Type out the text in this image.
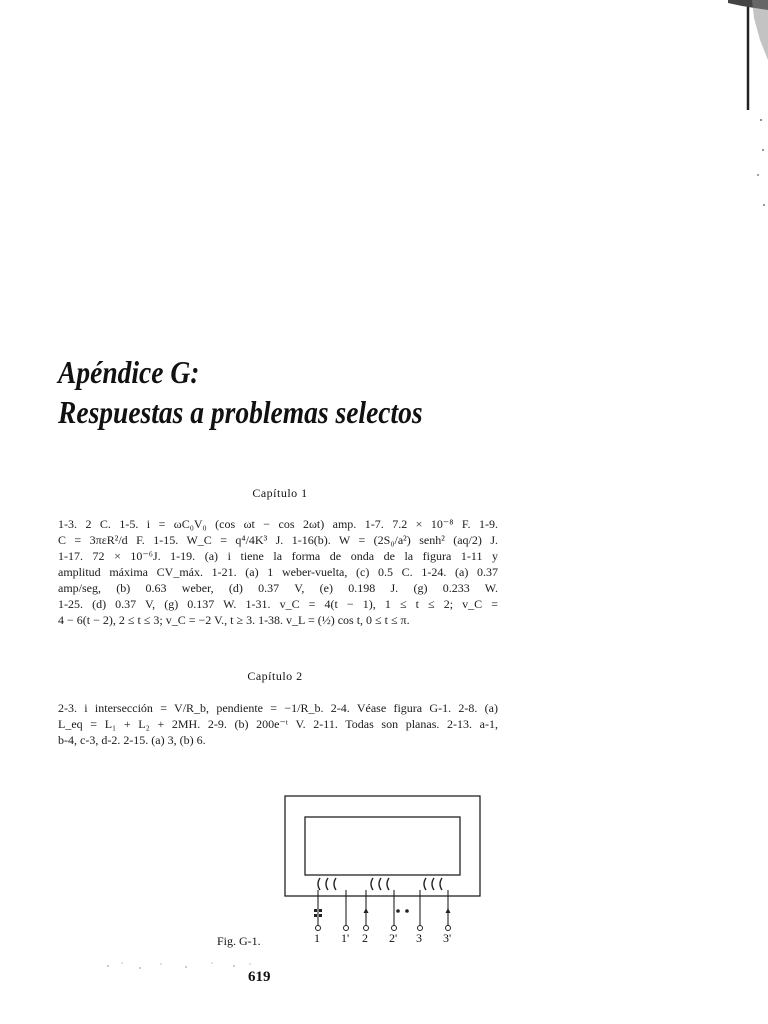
Apéndice G:
Respuestas a problemas selectos
Capítulo 1
1-3. 2 C. 1-5. i = ωC₀V₀ (cos ωt − cos 2ωt) amp. 1-7. 7.2 × 10⁻⁸ F. 1-9.
C = 3πεR²/d F. 1-15. W_C = q⁴/4K³ J. 1-16(b). W = (2S₀/a²) senh² (aq/2) J.
1-17. 72 × 10⁻⁶J. 1-19. (a) i tiene la forma de onda de la figura 1-11 y
amplitud máxima CV_máx. 1-21. (a) 1 weber-vuelta, (c) 0.5 C. 1-24. (a) 0.37
amp/seg, (b) 0.63 weber, (d) 0.37 V, (e) 0.198 J. (g) 0.233 W.
1-25. (d) 0.37 V, (g) 0.137 W. 1-31. v_C = 4(t − 1), 1 ≤ t ≤ 2; v_C =
4 − 6(t − 2), 2 ≤ t ≤ 3; v_C = −2 V., t ≥ 3. 1-38. v_L = (½) cos t, 0 ≤ t ≤ π.
Capítulo 2
2-3. i intersección = V/R_b, pendiente = −1/R_b. 2-4. Véase figura G-1. 2-8. (a)
L_eq = L₁ + L₂ + 2MH. 2-9. (b) 200e⁻ᵗ V. 2-11. Todas son planas. 2-13. a-1,
b-4, c-3, d-2. 2-15. (a) 3, (b) 6.
1 1' 2 2' 3 3'
Fig. G-1.
619
